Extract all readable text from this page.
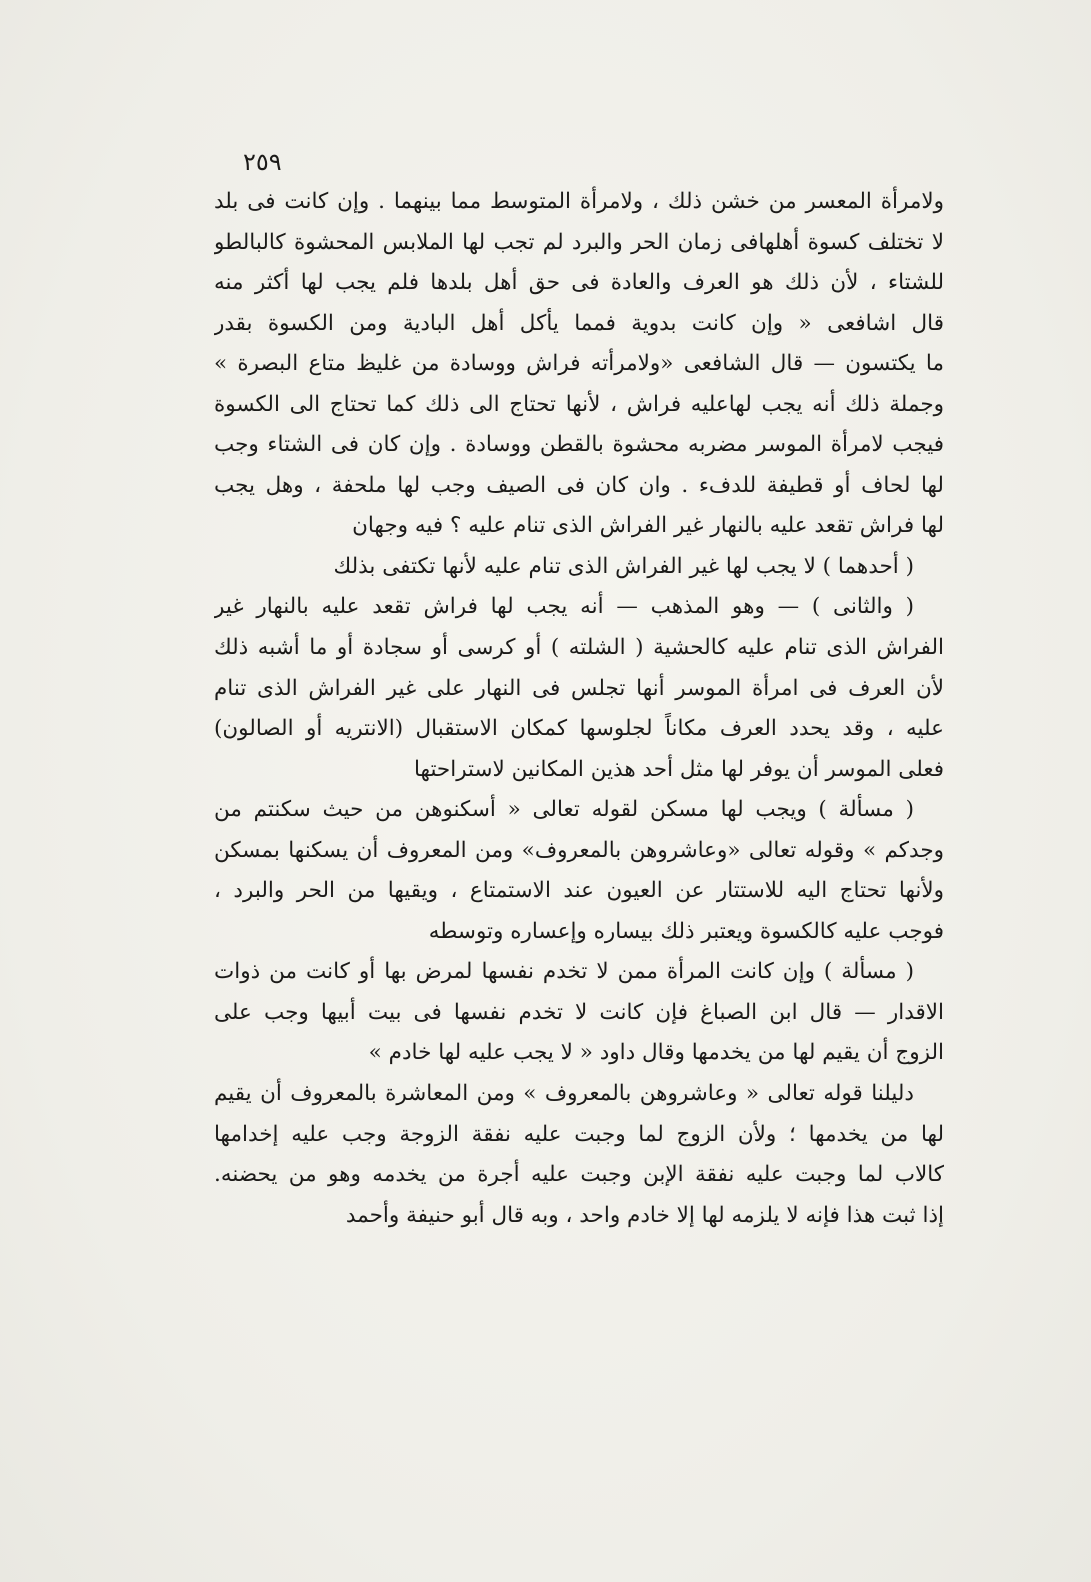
٢٥٩
ولامرأة المعسر من خشن ذلك ، ولامرأة المتوسط مما بينهما . وإن كانت فى بلد
لا تختلف كسوة أهلهافى زمان الحر والبرد لم تجب لها الملابس المحشوة كالبالطو
للشتاء ، لأن ذلك هو العرف والعادة فى حق أهل بلدها فلم يجب لها أكثر منه
قال اشافعى « وإن كانت بدوية فمما يأكل أهل البادية ومن الكسوة بقدر
ما يكتسون — قال الشافعى «ولامرأته فراش ووسادة من غليظ متاع البصرة »
وجملة ذلك أنه يجب لهاعليه فراش ، لأنها تحتاج الى ذلك كما تحتاج الى الكسوة
فيجب لامرأة الموسر مضربه محشوة بالقطن ووسادة . وإن كان فى الشتاء وجب
لها لحاف أو قطيفة للدفء . وان كان فى الصيف وجب لها ملحفة ، وهل يجب
لها فراش تقعد عليه بالنهار غير الفراش الذى تنام عليه ؟ فيه وجهان
( أحدهما ) لا يجب لها غير الفراش الذى تنام عليه لأنها تكتفى بذلك
( والثانى ) — وهو المذهب — أنه يجب لها فراش تقعد عليه بالنهار غير
الفراش الذى تنام عليه كالحشية ( الشلته ) أو كرسى أو سجادة أو ما أشبه ذلك
لأن العرف فى امرأة الموسر أنها تجلس فى النهار على غير الفراش الذى تنام
عليه ، وقد يحدد العرف مكاناً لجلوسها كمكان الاستقبال (الانتريه أو الصالون)
فعلى الموسر أن يوفر لها مثل أحد هذين المكانين لاستراحتها
( مسألة ) ويجب لها مسكن لقوله تعالى « أسكنوهن من حيث سكنتم من
وجدكم » وقوله تعالى «وعاشروهن بالمعروف» ومن المعروف أن يسكنها بمسكن
ولأنها تحتاج اليه للاستتار عن العيون عند الاستمتاع ، ويقيها من الحر والبرد ،
فوجب عليه كالكسوة ويعتبر ذلك بيساره وإعساره وتوسطه
( مسألة ) وإن كانت المرأة ممن لا تخدم نفسها لمرض بها أو كانت من ذوات
الاقدار — قال ابن الصباغ فإن كانت لا تخدم نفسها فى بيت أبيها وجب على
الزوج أن يقيم لها من يخدمها وقال داود « لا يجب عليه لها خادم »
دليلنا قوله تعالى « وعاشروهن بالمعروف » ومن المعاشرة بالمعروف أن يقيم
لها من يخدمها ؛ ولأن الزوج لما وجبت عليه نفقة الزوجة وجب عليه إخدامها
كالاب لما وجبت عليه نفقة الإبن وجبت عليه أجرة من يخدمه وهو من يحضنه.
إذا ثبت هذا فإنه لا يلزمه لها إلا خادم واحد ، وبه قال أبو حنيفة وأحمد
